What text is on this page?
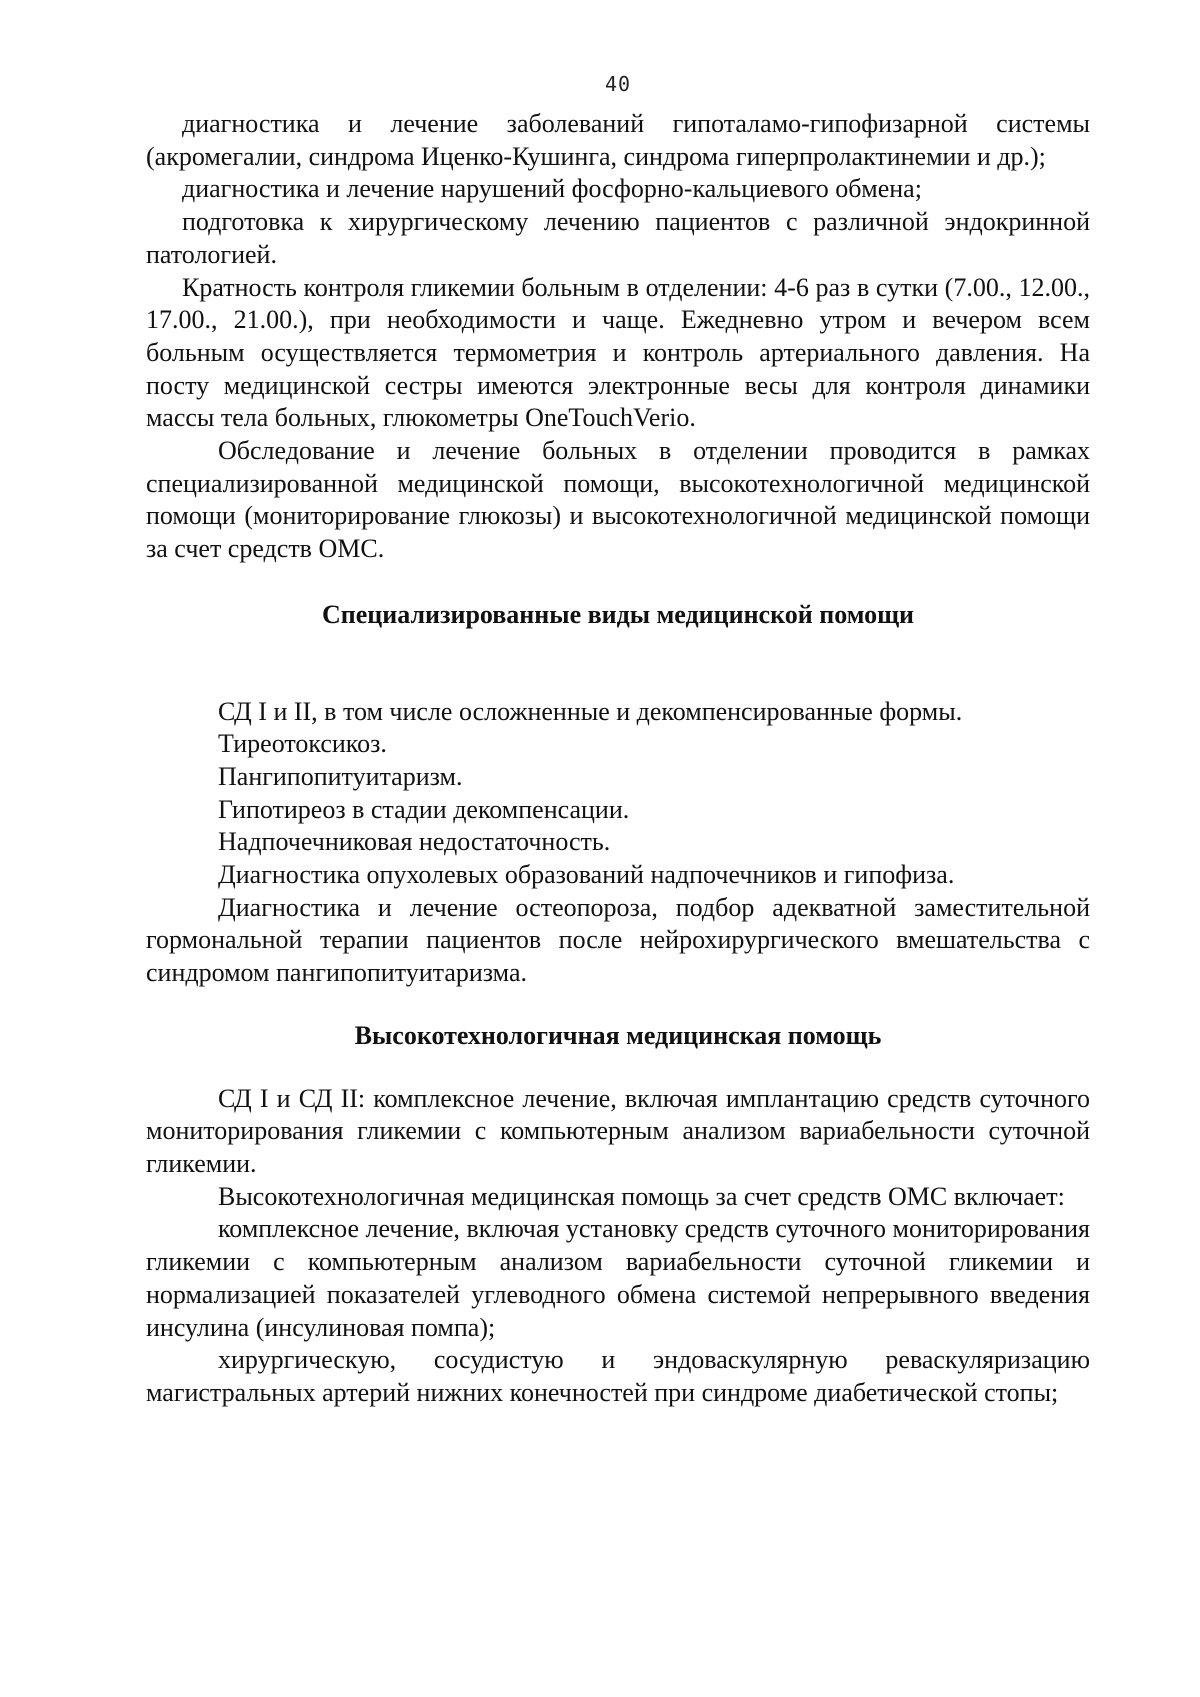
40

диагностика и лечение заболеваний гипоталамо-гипофизарной системы (акромегалии, синдрома Иценко-Кушинга, синдрома гиперпролактинемии и др.);

диагностика и лечение нарушений фосфорно-кальциевого обмена;

подготовка к хирургическому лечению пациентов с различной эндокринной патологией.

Кратность контроля гликемии больным в отделении: 4-6 раз в сутки (7.00., 12.00., 17.00., 21.00.), при необходимости и чаще. Ежедневно утром и вечером всем больным осуществляется термометрия и контроль артериального давления. На посту медицинской сестры имеются электронные весы для контроля динамики массы тела больных, глюкометры OneTouchVerio.

Обследование и лечение больных в отделении проводится в рамках специализированной медицинской помощи, высокотехнологичной медицинской помощи (мониторирование глюкозы) и высокотехнологичной медицинской помощи за счет средств ОМС.

Специализированные виды медицинской помощи
СД I и II, в том числе осложненные и декомпенсированные формы.
Тиреотоксикоз.
Пангипопитуитаризм.
Гипотиреоз в стадии декомпенсации.
Надпочечниковая недостаточность.
Диагностика опухолевых образований надпочечников и гипофиза.
Диагностика и лечение остеопороза, подбор адекватной заместительной гормональной терапии пациентов после нейрохирургического вмешательства с синдромом пангипопитуитаризма.
Высокотехнологичная медицинская помощь

СД I и СД II: комплексное лечение, включая имплантацию средств суточного мониторирования гликемии с компьютерным анализом вариабельности суточной гликемии.

Высокотехнологичная медицинская помощь за счет средств ОМС включает:

комплексное лечение, включая установку средств суточного мониторирования гликемии с компьютерным анализом вариабельности суточной гликемии и нормализацией показателей углеводного обмена системой непрерывного введения инсулина (инсулиновая помпа);

хирургическую, сосудистую и эндоваскулярную реваскуляризацию магистральных артерий нижних конечностей при синдроме диабетической стопы;
